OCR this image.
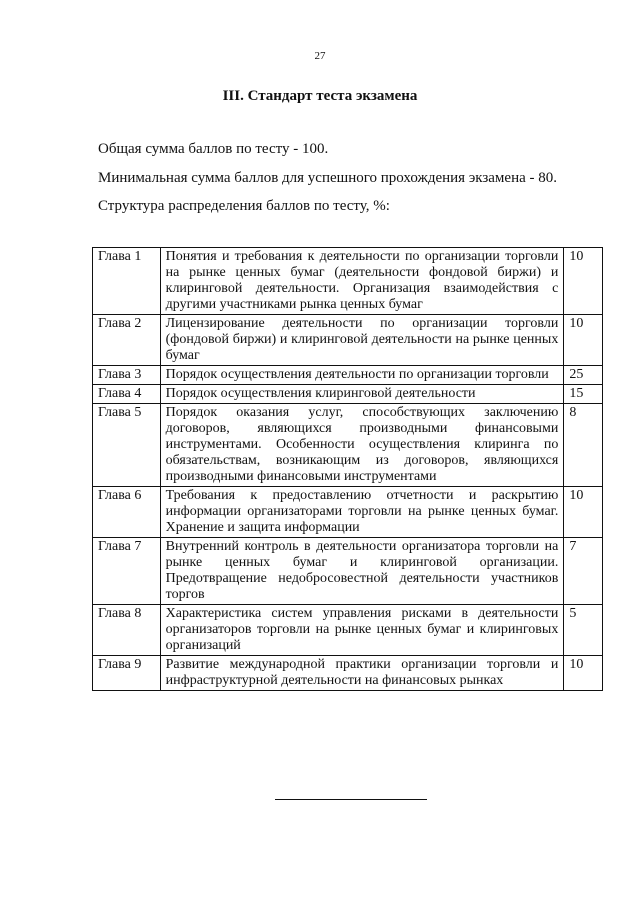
27
III. Стандарт теста экзамена
Общая сумма баллов по тесту - 100.
Минимальная сумма баллов для успешного прохождения экзамена - 80.
Структура распределения баллов по тесту, %:
Глава 1	Понятия и требования к деятельности по организации торговли на рынке ценных бумаг (деятельности фондовой биржи) и клиринговой деятельности. Организация взаимодействия с другими участниками рынка ценных бумаг	10
Глава 2	Лицензирование деятельности по организации торговли (фондовой биржи) и клиринговой деятельности на рынке ценных бумаг	10
Глава 3	Порядок осуществления деятельности по организации торговли	25
Глава 4	Порядок осуществления клиринговой деятельности	15
Глава 5	Порядок оказания услуг, способствующих заключению договоров, являющихся производными финансовыми инструментами. Особенности осуществления клиринга по обязательствам, возникающим из договоров, являющихся производными финансовыми инструментами	8
Глава 6	Требования к предоставлению отчетности и раскрытию информации организаторами торговли на рынке ценных бумаг. Хранение и защита информации	10
Глава 7	Внутренний контроль в деятельности организатора торговли на рынке ценных бумаг и клиринговой организации. Предотвращение недобросовестной деятельности участников торгов	7
Глава 8	Характеристика систем управления рисками в деятельности организаторов торговли на рынке ценных бумаг и клиринговых организаций	5
Глава 9	Развитие международной практики организации торговли и инфраструктурной деятельности на финансовых рынках	10
